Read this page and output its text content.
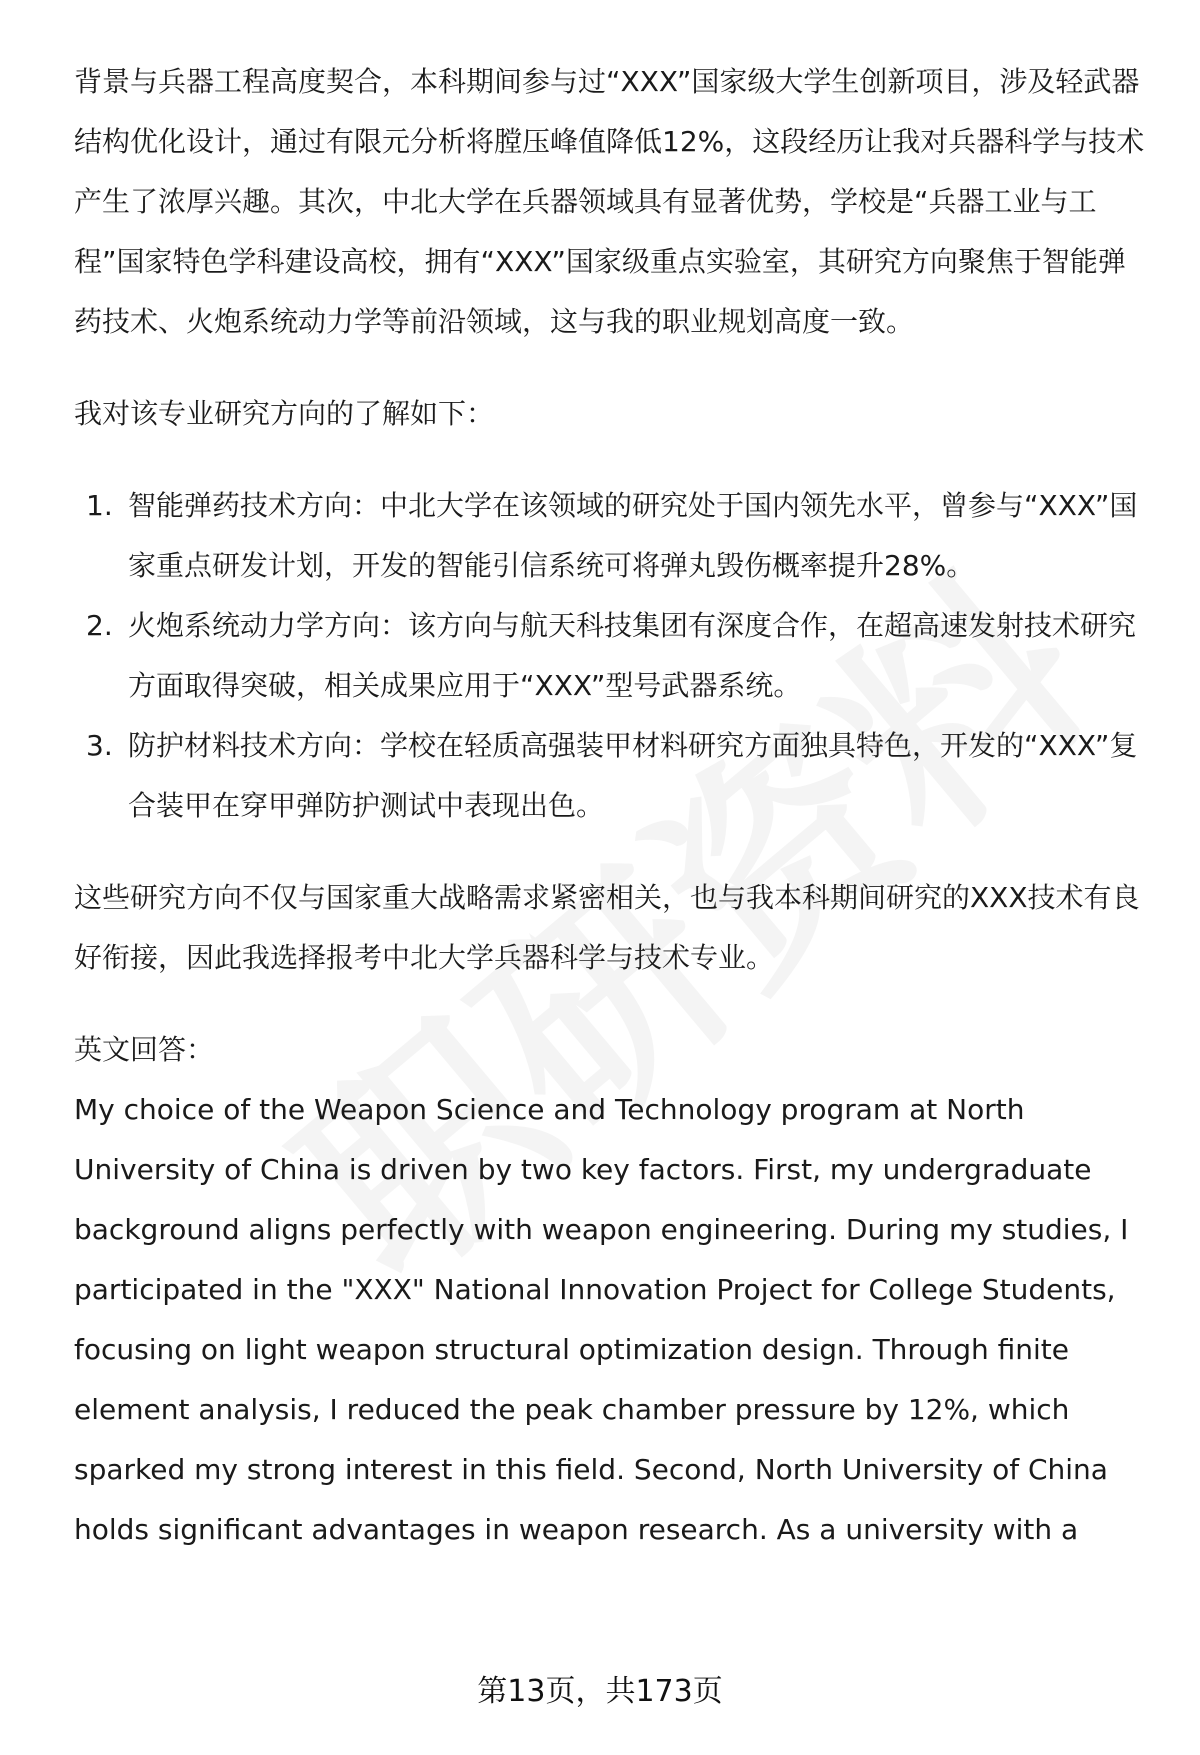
背景与兵器工程高度契合，本科期间参与过“XXX”国家级大学生创新项目，涉及轻武器结构优化设计，通过有限元分析将膛压峰值降低12%，这段经历让我对兵器科学与技术产生了浓厚兴趣。其次，中北大学在兵器领域具有显著优势，学校是“兵器工业与工程”国家特色学科建设高校，拥有“XXX”国家级重点实验室，其研究方向聚焦于智能弹药技术、火炮系统动力学等前沿领域，这与我的职业规划高度一致。

我对该专业研究方向的了解如下：

1. 智能弹药技术方向：中北大学在该领域的研究处于国内领先水平，曾参与“XXX”国家重点研发计划，开发的智能引信系统可将弹丸毁伤概率提升28%。
2. 火炮系统动力学方向：该方向与航天科技集团有深度合作，在超高速发射技术研究方面取得突破，相关成果应用于“XXX”型号武器系统。
3. 防护材料技术方向：学校在轻质高强装甲材料研究方面独具特色，开发的“XXX”复合装甲在穿甲弹防护测试中表现出色。

这些研究方向不仅与国家重大战略需求紧密相关，也与我本科期间研究的XXX技术有良好衔接，因此我选择报考中北大学兵器科学与技术专业。

英文回答：

My choice of the Weapon Science and Technology program at North University of China is driven by two key factors. First, my undergraduate background aligns perfectly with weapon engineering. During my studies, I participated in the "XXX" National Innovation Project for College Students, focusing on light weapon structural optimization design. Through finite element analysis, I reduced the peak chamber pressure by 12%, which sparked my strong interest in this field. Second, North University of China holds significant advantages in weapon research. As a university with a

第13页，共173页
